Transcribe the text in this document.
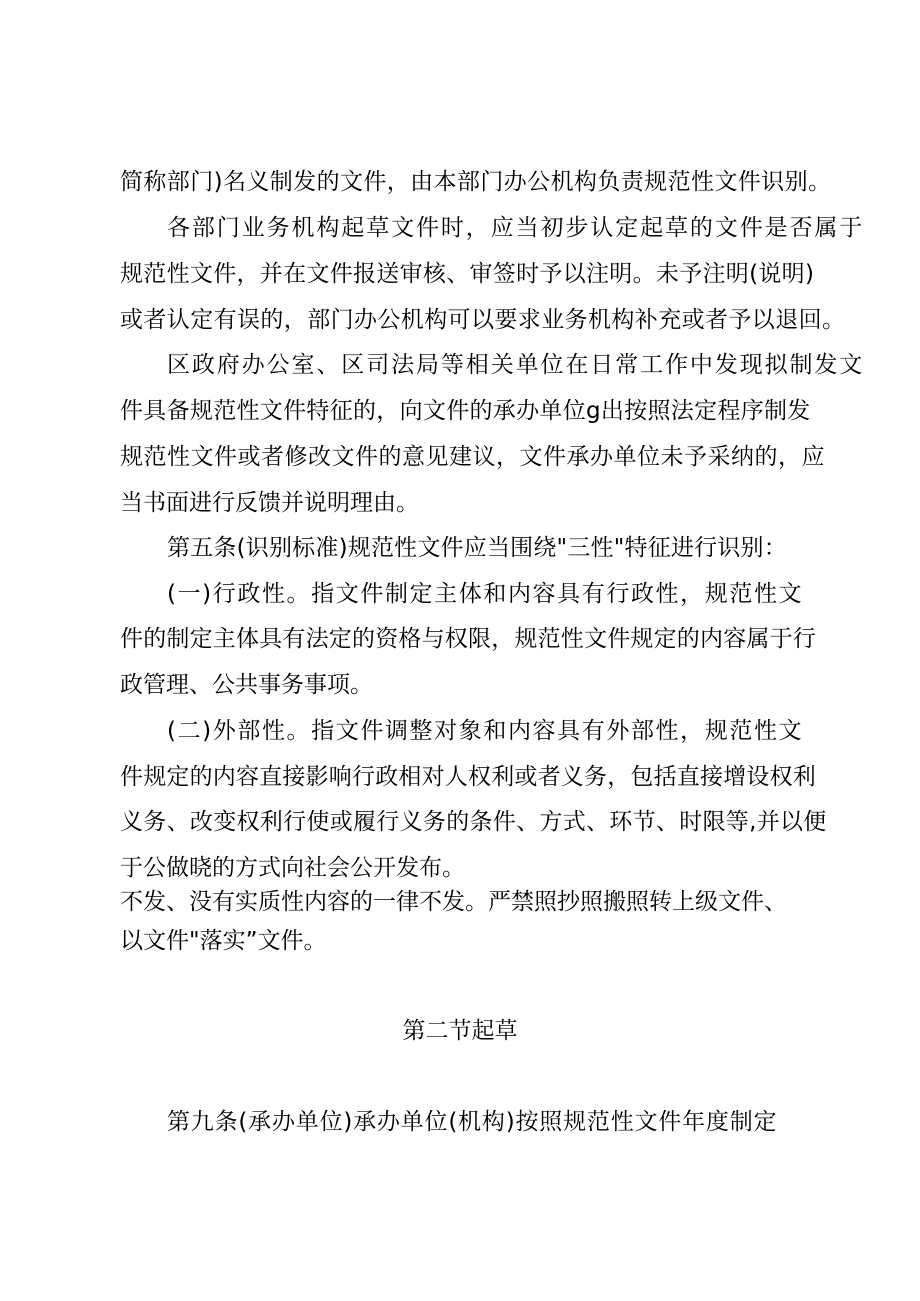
简称部门)名义制发的文件，由本部门办公机构负责规范性文件识别。
各部门业务机构起草文件时，应当初步认定起草的文件是否属于
规范性文件，并在文件报送审核、审签时予以注明。未予注明(说明)
或者认定有误的，部门办公机构可以要求业务机构补充或者予以退回。
区政府办公室、区司法局等相关单位在日常工作中发现拟制发文
件具备规范性文件特征的，向文件的承办单位g出按照法定程序制发
规范性文件或者修改文件的意见建议，文件承办单位未予采纳的，应
当书面进行反馈并说明理由。
第五条(识别标准)规范性文件应当围绕"三性"特征进行识别：
(一)行政性。指文件制定主体和内容具有行政性，规范性文
件的制定主体具有法定的资格与权限，规范性文件规定的内容属于行
政管理、公共事务事项。
(二)外部性。指文件调整对象和内容具有外部性，规范性文
件规定的内容直接影响行政相对人权利或者义务，包括直接增设权利
义务、改变权利行使或履行义务的条件、方式、环节、时限等,并以便
于公做晓的方式向社会公开发布。
不发、没有实质性内容的一律不发。严禁照抄照搬照转上级文件、
以文件"落实”文件。
第二节起草
第九条(承办单位)承办单位(机构)按照规范性文件年度制定
